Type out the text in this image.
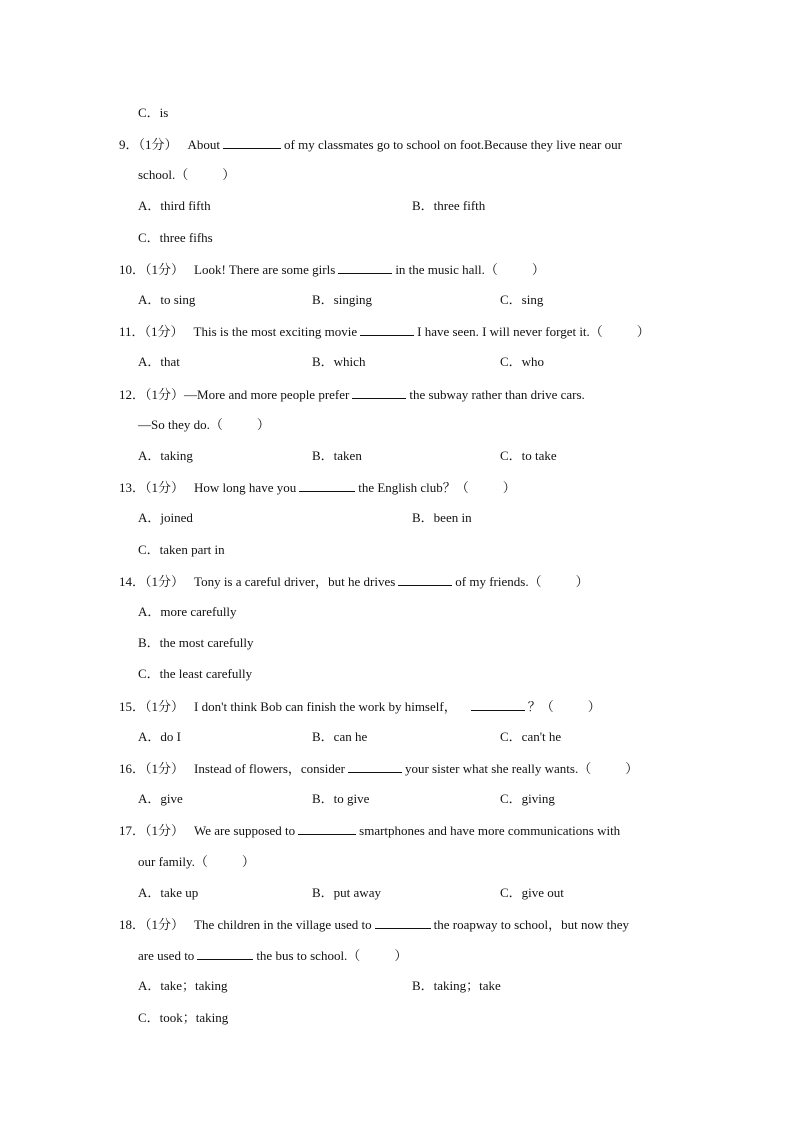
C．is
9．（1分） About	of my classmates go to school on foot.Because they live near our
school.（	）
A．third fifth	B．three fifth
C．three fifhs
10．（1分） Look! There are some girls	in the music hall.（	）
A．to sing	B．singing	C．sing
11．（1分） This is the most exciting movie	I have seen. I will never forget it.（	）
A．that	B．which	C．who
12．（1分）—More and more people prefer	the subway rather than drive cars.
—So they do.（	）
A．taking	B．taken	C．to take
13．（1分） How long have you	the English club？（	）
A．joined	B．been in
C．taken part in
14．（1分） Tony is a careful driver，but he drives	of my friends.（	）
A．more carefully
B．the most carefully
C．the least carefully
15．（1分） I don't think Bob can finish the work by himself，	？（	）
A．do I	B．can he	C．can't he
16．（1分） Instead of flowers，consider	your sister what she really wants.（	）
A．give	B．to give	C．giving
17．（1分） We are supposed to	smartphones and have more communications with
our family.（	）
A．take up	B．put away	C．give out
18．（1分） The children in the village used to	the roapway to school，but now they
are used to	the bus to school.（	）
A．take；taking	B．taking；take
C．took；taking
